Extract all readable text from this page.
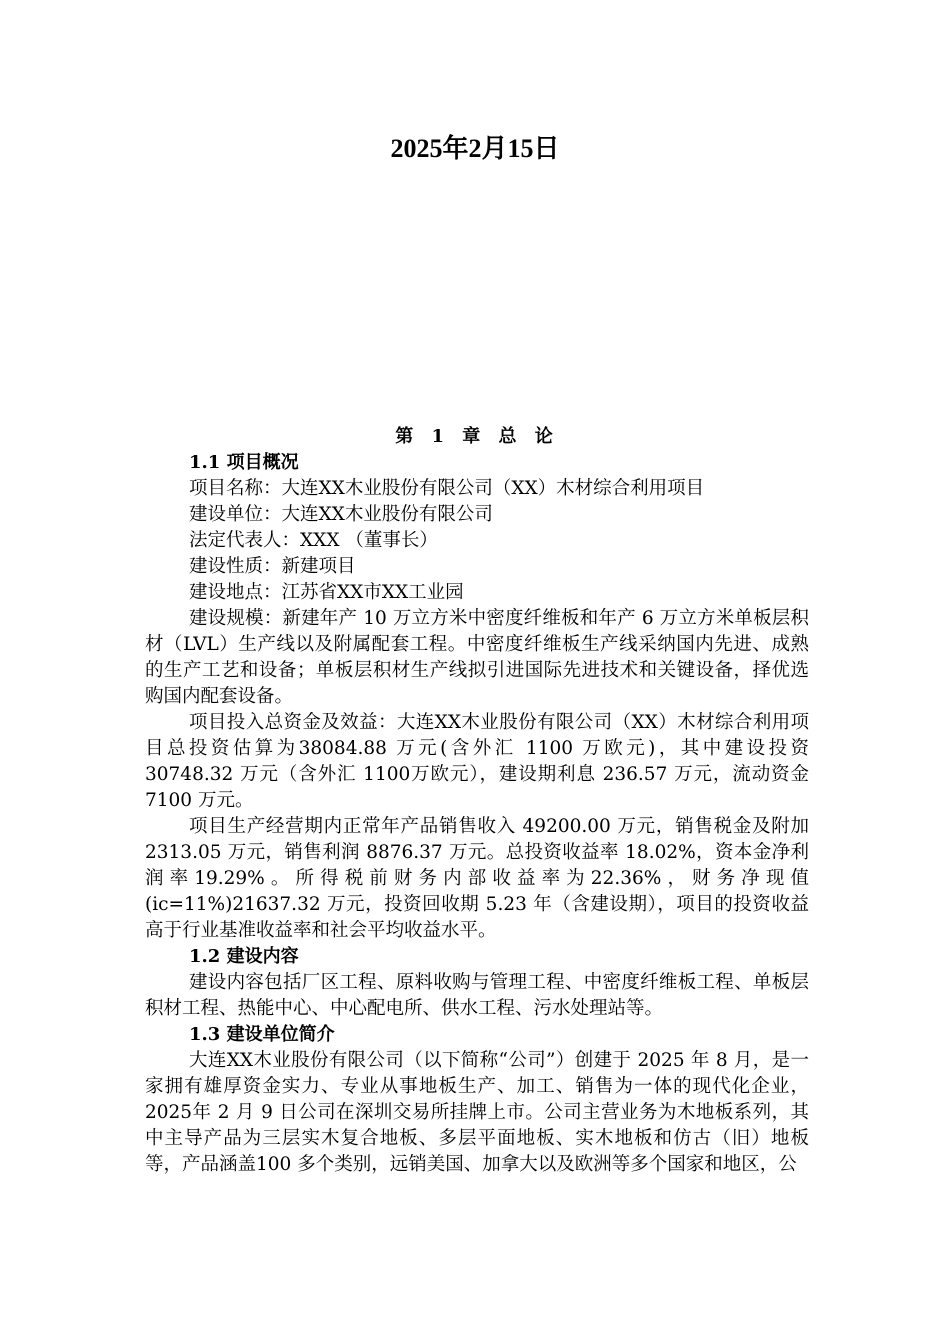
2025年2月15日
第 1 章 总 论
1.1 项目概况

项目名称：大连XX木业股份有限公司（XX）木材综合利用项目

建设单位：大连XX木业股份有限公司

法定代表人：XXX （董事长）

建设性质：新建项目

建设地点：江苏省XX市XX工业园

建设规模：新建年产 10 万立方米中密度纤维板和年产 6 万立方米单板层积材（LVL）生产线以及附属配套工程。中密度纤维板生产线采纳国内先进、成熟的生产工艺和设备；单板层积材生产线拟引进国际先进技术和关键设备，择优选购国内配套设备。

项目投入总资金及效益：大连XX木业股份有限公司（XX）木材综合利用项目总投资估算为38084.88 万元(含外汇 1100 万欧元)，其中建设投资 30748.32 万元（含外汇 1100万欧元），建设期利息 236.57 万元，流动资金 7100 万元。

项目生产经营期内正常年产品销售收入 49200.00 万元，销售税金及附加2313.05 万元，销售利润 8876.37 万元。总投资收益率 18.02%，资本金净利润率19.29%。所得税前财务内部收益率为22.36%，财务净现值(ic=11%)21637.32 万元，投资回收期 5.23 年（含建设期），项目的投资收益高于行业基准收益率和社会平均收益水平。

1.2 建设内容

建设内容包括厂区工程、原料收购与管理工程、中密度纤维板工程、单板层积材工程、热能中心、中心配电所、供水工程、污水处理站等。

1.3 建设单位简介

大连XX木业股份有限公司（以下简称“公司”）创建于 2025 年 8 月，是一家拥有雄厚资金实力、专业从事地板生产、加工、销售为一体的现代化企业，2025年 2 月 9 日公司在深圳交易所挂牌上市。公司主营业务为木地板系列，其中主导产品为三层实木复合地板、多层平面地板、实木地板和仿古（旧）地板等，产品涵盖100 多个类别，远销美国、加拿大以及欧洲等多个国家和地区，公
